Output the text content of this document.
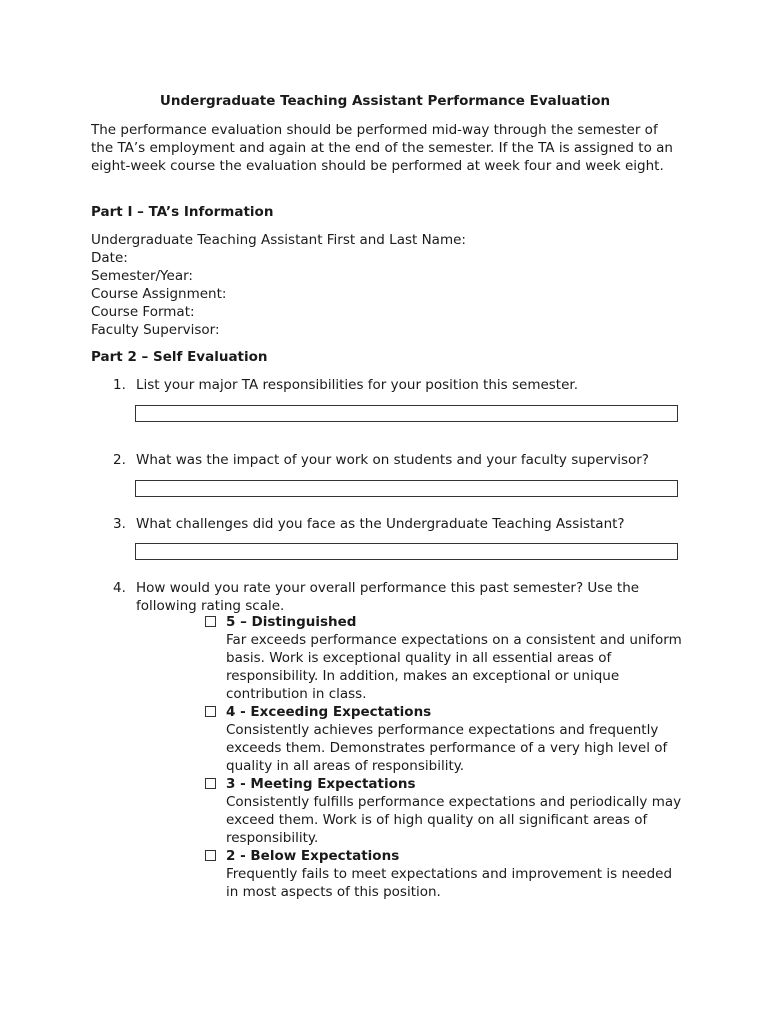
Undergraduate Teaching Assistant Performance Evaluation
The performance evaluation should be performed mid-way through the semester of the TA’s employment and again at the end of the semester. If the TA is assigned to an eight-week course the evaluation should be performed at week four and week eight.
Part I – TA’s Information
Undergraduate Teaching Assistant First and Last Name:
Date:
Semester/Year:
Course Assignment:
Course Format:
Faculty Supervisor:
Part 2 – Self Evaluation
1. List your major TA responsibilities for your position this semester.
2. What was the impact of your work on students and your faculty supervisor?
3. What challenges did you face as the Undergraduate Teaching Assistant?
4. How would you rate your overall performance this past semester? Use the following rating scale.
5 – Distinguished
Far exceeds performance expectations on a consistent and uniform basis. Work is exceptional quality in all essential areas of responsibility. In addition, makes an exceptional or unique contribution in class.
4 - Exceeding Expectations
Consistently achieves performance expectations and frequently exceeds them. Demonstrates performance of a very high level of quality in all areas of responsibility.
3 - Meeting Expectations
Consistently fulfills performance expectations and periodically may exceed them. Work is of high quality on all significant areas of responsibility.
2 - Below Expectations
Frequently fails to meet expectations and improvement is needed in most aspects of this position.
